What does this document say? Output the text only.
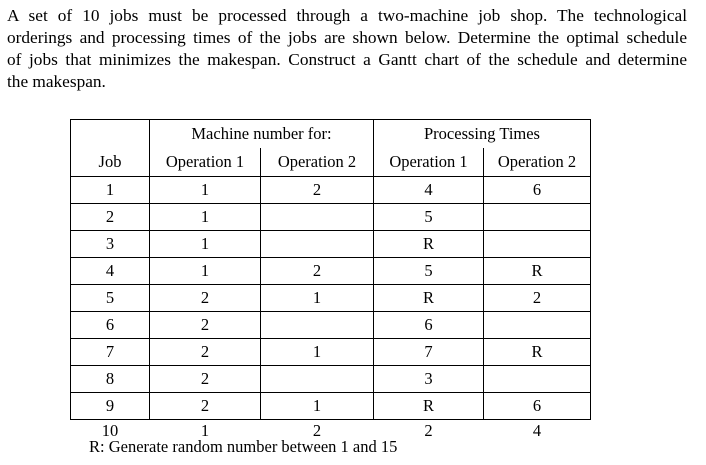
A set of 10 jobs must be processed through a two-machine job shop. The technological
orderings and processing times of the jobs are shown below. Determine the optimal schedule
of jobs that minimizes the makespan. Construct a Gantt chart of the schedule and determine
the makespan.

	Machine number for:		Processing Times	
Job	Operation 1	Operation 2	Operation 1	Operation 2
1	1	2	4	6
2	1		5	
3	1		R	
4	1	2	5	R
5	2	1	R	2
6	2		6	
7	2	1	7	R
8	2		3	
9	2	1	R	6
10	1	2	2	4
R: Generate random number between 1 and 15
